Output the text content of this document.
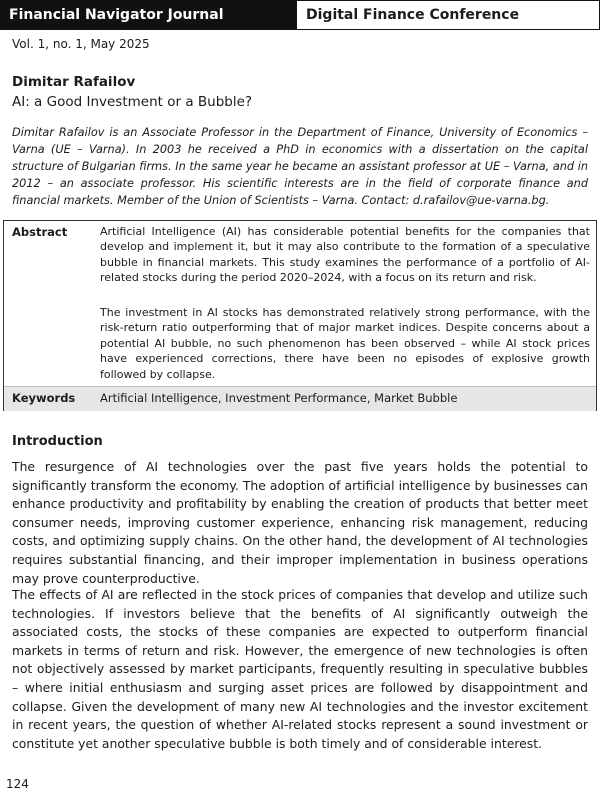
Financial Navigator Journal	Digital Finance Conference
Vol. 1, no. 1, May 2025
Dimitar Rafailov
AI: a Good Investment or a Bubble?

Dimitar Rafailov is an Associate Professor in the Department of Finance, University of Economics – Varna (UE – Varna). In 2003 he received a PhD in economics with a dissertation on the capital structure of Bulgarian firms. In the same year he became an assistant professor at UE – Varna, and in 2012 – an associate professor. His scientific interests are in the field of corporate finance and financial markets. Member of the Union of Scientists – Varna. Contact: d.rafailov@ue-varna.bg.

Abstract	Artificial Intelligence (AI) has considerable potential benefits for the companies that develop and implement it, but it may also contribute to the formation of a speculative bubble in financial markets. This study examines the performance of a portfolio of AI-related stocks during the period 2020–2024, with a focus on its return and risk.

The investment in AI stocks has demonstrated relatively strong performance, with the risk-return ratio outperforming that of major market indices. Despite concerns about a potential AI bubble, no such phenomenon has been observed – while AI stock prices have experienced corrections, there have been no episodes of explosive growth followed by collapse.

Keywords Artificial Intelligence, Investment Performance, Market Bubble
Introduction

The resurgence of AI technologies over the past five years holds the potential to significantly transform the economy. The adoption of artificial intelligence by businesses can enhance productivity and profitability by enabling the creation of products that better meet consumer needs, improving customer experience, enhancing risk management, reducing costs, and optimizing supply chains. On the other hand, the development of AI technologies requires substantial financing, and their improper implementation in business operations may prove counterproductive.

The effects of AI are reflected in the stock prices of companies that develop and utilize such technologies. If investors believe that the benefits of AI significantly outweigh the associated costs, the stocks of these companies are expected to outperform financial markets in terms of return and risk. However, the emergence of new technologies is often not objectively assessed by market participants, frequently resulting in speculative bubbles – where initial enthusiasm and surging asset prices are followed by disappointment and collapse. Given the development of many new AI technologies and the investor excitement in recent years, the question of whether AI-related stocks represent a sound investment or constitute yet another speculative bubble is both timely and of considerable interest.

124
